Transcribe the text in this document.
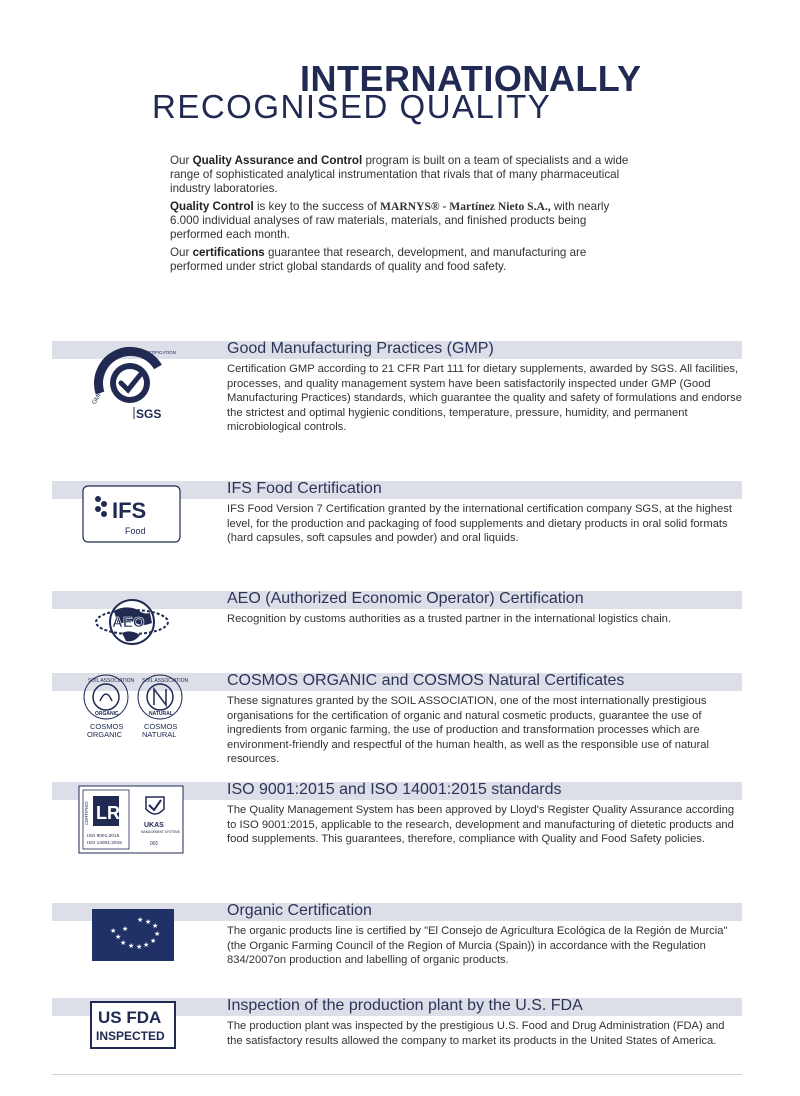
INTERNATIONALLY
RECOGNISED QUALITY

Our Quality Assurance and Control program is built on a team of specialists and a wide range of sophisticated analytical instrumentation that rivals that of many pharmaceutical industry laboratories.

Quality Control is key to the success of MARNYS® - Martínez Nieto S.A., with nearly 6.000 individual analyses of raw materials, materials, and finished products being performed each month.

Our certifications guarantee that research, development, and manufacturing are performed under strict global standards of quality and food safety.

SYSTEM CERTIFICATION
GMP
SGS
Good Manufacturing Practices (GMP)
Certification GMP according to 21 CFR Part 111 for dietary supplements, awarded by SGS. All facilities, processes, and quality management system have been satisfactorily inspected under GMP (Good Manufacturing Practices) standards, which guarantee the quality and safety of formulations and endorse the strictest and optimal hygienic conditions, temperature, pressure, humidity, and permanent microbiological controls.
IFS
Food
IFS Food Certification
IFS Food Version 7 Certification granted by the international certification company SGS, at the highest level, for the production and packaging of food supplements and dietary products in oral solid formats (hard capsules, soft capsules and powder) and oral liquids.
AEO
AEO (Authorized Economic Operator) Certification
Recognition by customs authorities as a trusted partner in the international logistics chain.
SOIL ASSOCIATION
ORGANIC
COSMOS
ORGANIC
SOIL ASSOCIATION
NATURAL
COSMOS
NATURAL
COSMOS ORGANIC and COSMOS Natural Certificates
These signatures granted by the SOIL ASSOCIATION, one of the most internationally prestigious organisations for the certification of organic and natural cosmetic products, guarantee the use of ingredients from organic farming, the use of production and transformation processes which are environment-friendly and respectful of the human health, as well as the responsible use of natural resources.
CERTIFIED LR
ISO 9001:2015
ISO 14001:2015
UKAS
MANAGEMENT SYSTEMS
001
ISO 9001:2015 and ISO 14001:2015 standards
The Quality Management System has been approved by Lloyd's Register Quality Assurance according to ISO 9001:2015, applicable to the research, development and manufacturing of dietetic products and food supplements. This guarantees, therefore, compliance with Quality and Food Safety policies.
★ ★ ★
★
★
★
★
★ ★ ★ ★
★
Organic Certification
The organic products line is certified by "El Consejo de Agricultura Ecológica de la Región de Murcia" (the Organic Farming Council of the Region of Murcia (Spain)) in accordance with the Regulation 834/2007on production and labelling of organic products.
US FDA
INSPECTED
Inspection of the production plant by the U.S. FDA
The production plant was inspected by the prestigious U.S. Food and Drug Administration (FDA) and the satisfactory results allowed the company to market its products in the United States of America.
